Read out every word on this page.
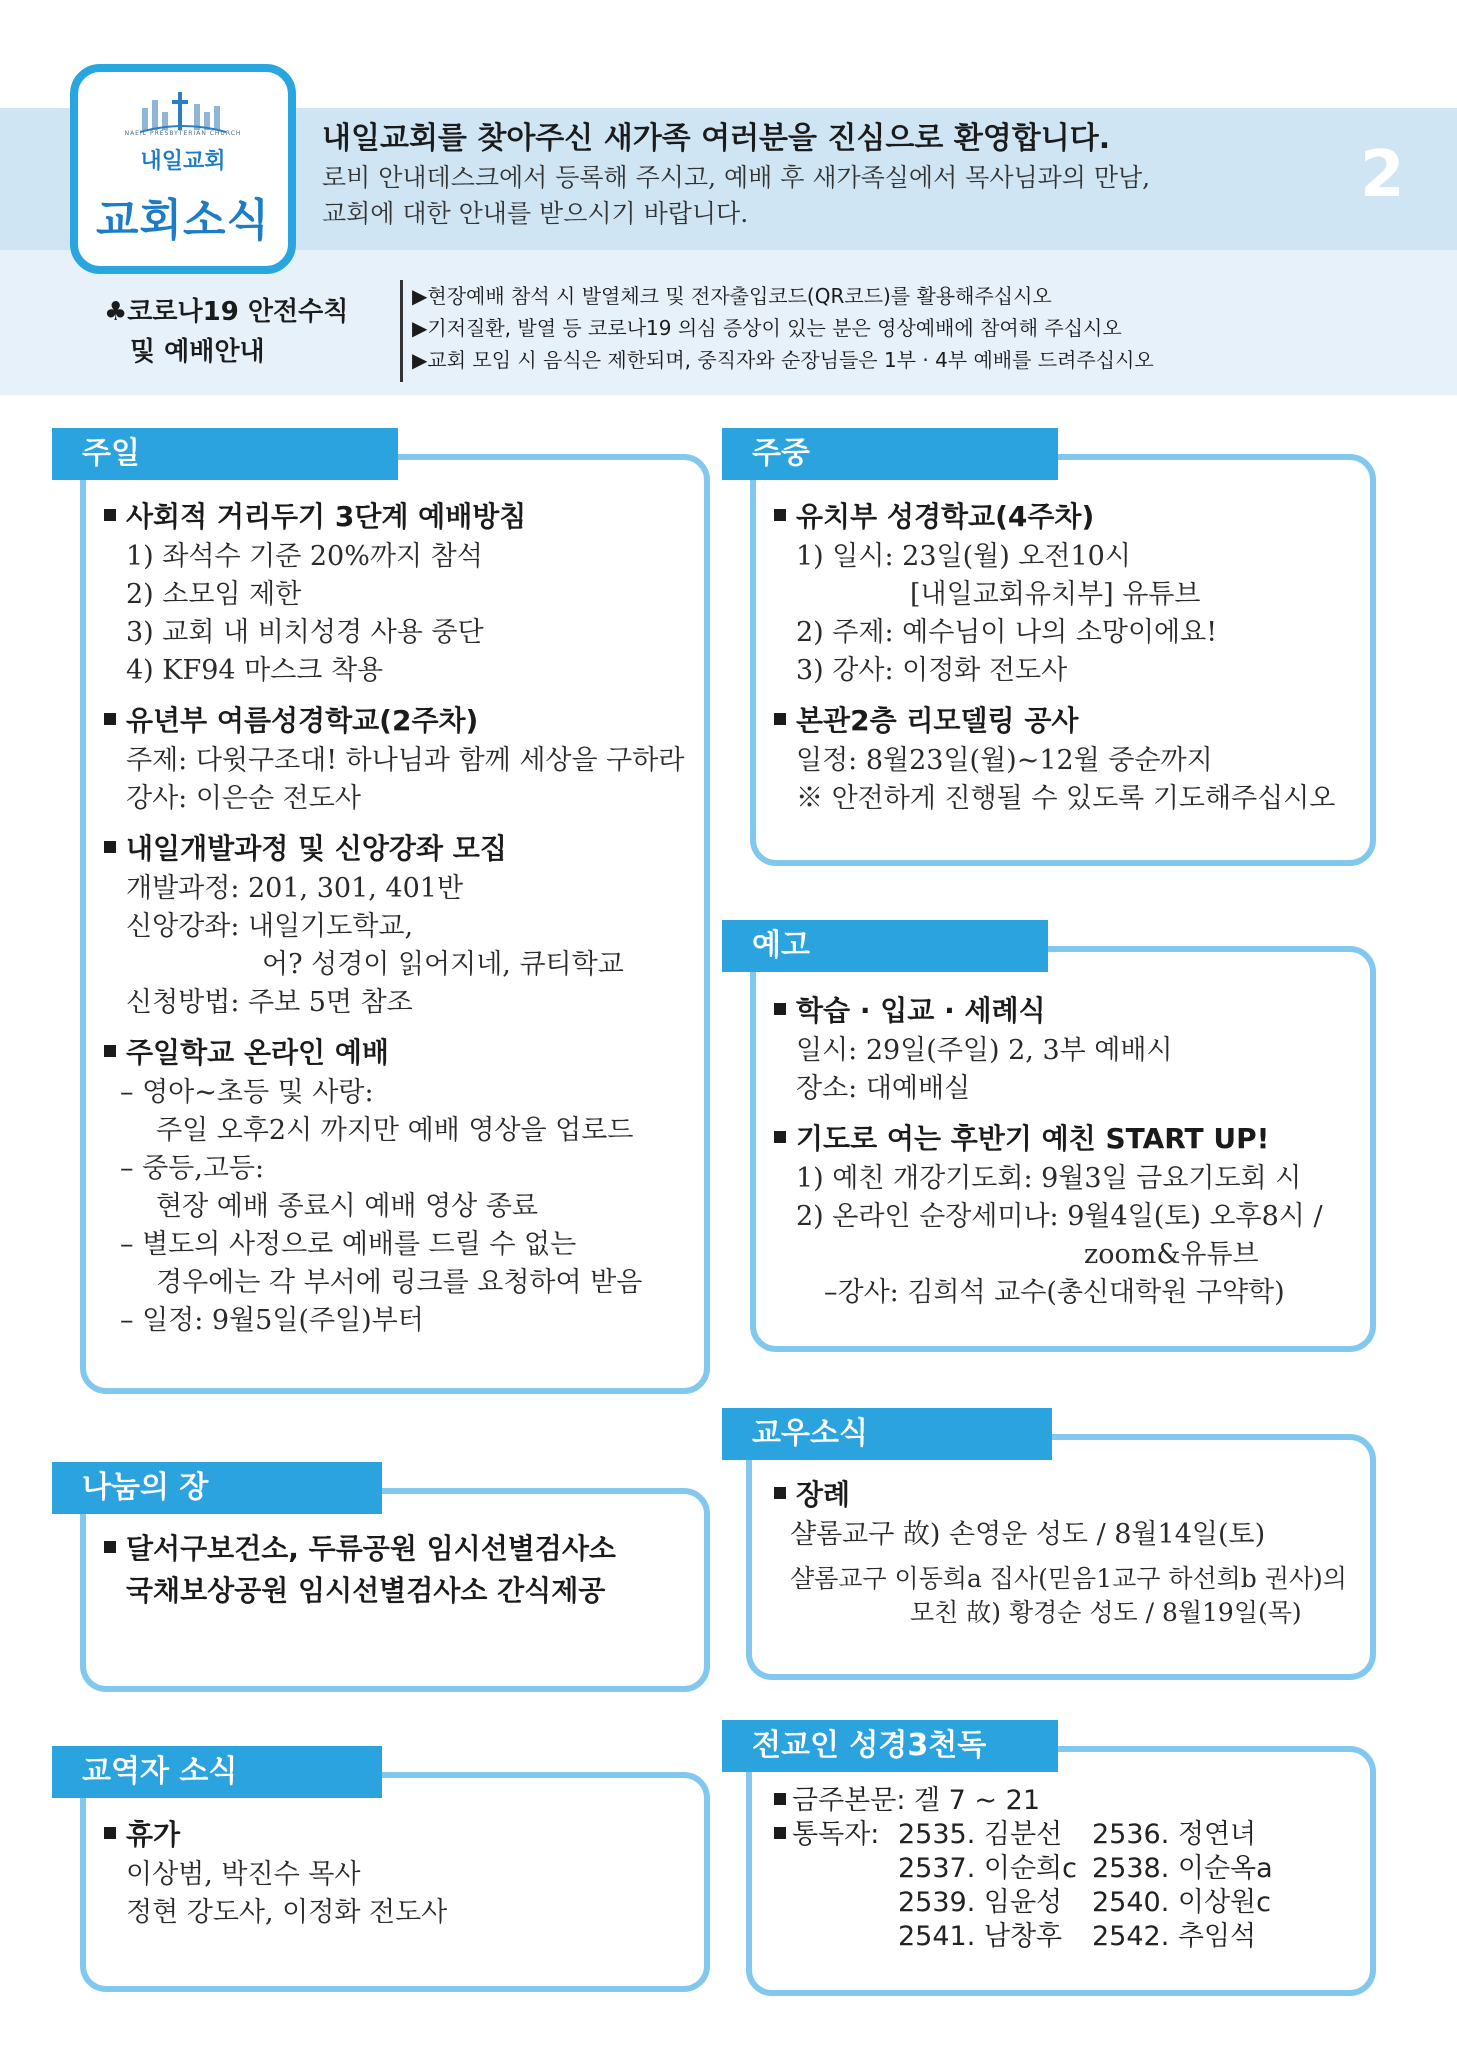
NAEIL PRESBYTERIAN CHURCH
내일교회
교회소식
내일교회를 찾아주신 새가족 여러분을 진심으로 환영합니다.
로비 안내데스크에서 등록해 주시고, 예배 후 새가족실에서 목사님과의 만남,
교회에 대한 안내를 받으시기 바랍니다.
2
♣코로나19 안전수칙
및 예배안내
▶현장예배 참석 시 발열체크 및 전자출입코드(QR코드)를 활용해주십시오
▶기저질환, 발열 등 코로나19 의심 증상이 있는 분은 영상예배에 참여해 주십시오
▶교회 모임 시 음식은 제한되며, 중직자와 순장님들은 1부 · 4부 예배를 드려주십시오
주일
사회적 거리두기 3단계 예배방침
1) 좌석수 기준 20%까지 참석
2) 소모임 제한
3) 교회 내 비치성경 사용 중단
4) KF94 마스크 착용
유년부 여름성경학교(2주차)
주제: 다윗구조대! 하나님과 함께 세상을 구하라
강사: 이은순 전도사
내일개발과정 및 신앙강좌 모집
개발과정: 201, 301, 401반
신앙강좌: 내일기도학교,
어? 성경이 읽어지네, 큐티학교
신청방법: 주보 5면 참조
주일학교 온라인 예배
– 영아~초등 및 사랑:
주일 오후2시 까지만 예배 영상을 업로드
– 중등,고등:
현장 예배 종료시 예배 영상 종료
– 별도의 사정으로 예배를 드릴 수 없는
경우에는 각 부서에 링크를 요청하여 받음
– 일정: 9월5일(주일)부터
주중
유치부 성경학교(4주차)
1) 일시: 23일(월) 오전10시
[내일교회유치부] 유튜브
2) 주제: 예수님이 나의 소망이에요!
3) 강사: 이정화 전도사
본관2층 리모델링 공사
일정: 8월23일(월)~12월 중순까지
※ 안전하게 진행될 수 있도록 기도해주십시오
예고
학습 · 입교 · 세례식
일시: 29일(주일) 2, 3부 예배시
장소: 대예배실
기도로 여는 후반기 예친 START UP!
1) 예친 개강기도회: 9월3일 금요기도회 시
2) 온라인 순장세미나: 9월4일(토) 오후8시 /
zoom&유튜브
–강사: 김희석 교수(총신대학원 구약학)
나눔의 장
달서구보건소, 두류공원 임시선별검사소
국채보상공원 임시선별검사소 간식제공
교우소식
장례
샬롬교구 故) 손영운 성도 / 8월14일(토)
샬롬교구 이동희a 집사(믿음1교구 하선희b 권사)의
모친 故) 황경순 성도 / 8월19일(목)
교역자 소식
휴가
이상범, 박진수 목사
정현 강도사, 이정화 전도사
전교인 성경3천독
금주본문: 겔 7 ~ 21
통독자: 2535. 김분선	2536. 정연녀
2537. 이순희c 2538. 이순옥a
2539. 임윤성	2540. 이상원c
2541. 남창후	2542. 추임석
